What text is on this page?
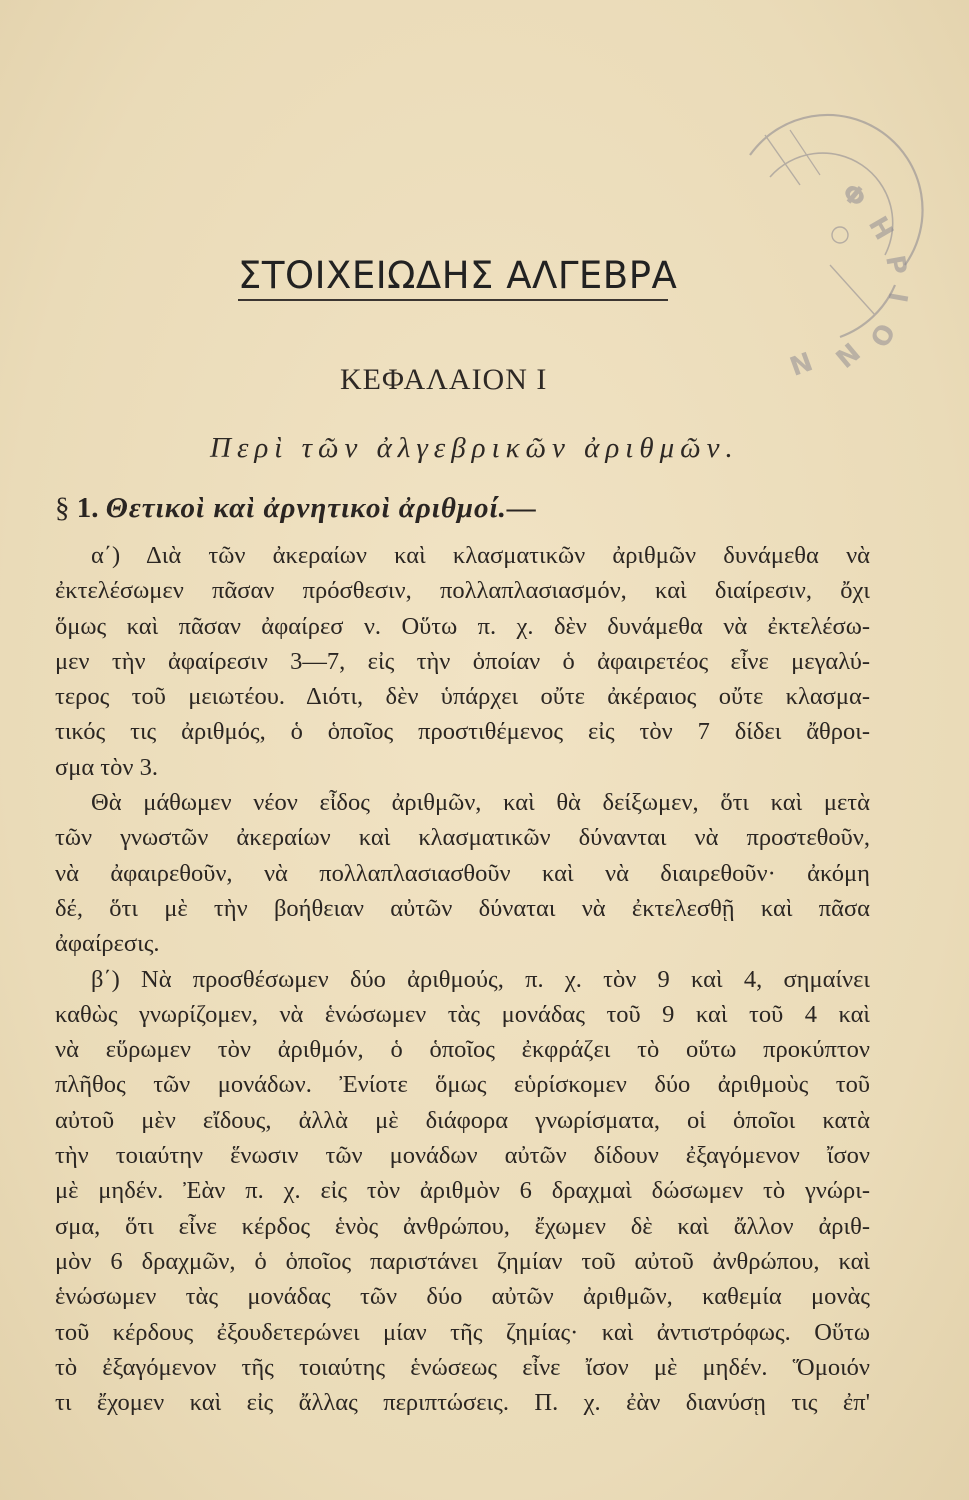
Φ
Η
Ρ
Ι
Ο
Ν
Ν
ΣΤΟΙΧΕΙΩΔΗΣ ΑΛΓΕΒΡΑ
ΚΕΦΑΛΑΙΟΝ Ι
Περὶ τῶν ἀλγεβρικῶν ἀριθμῶν.
§ 1. Θετικοὶ καὶ ἀρνητικοὶ ἀριθμοί.—
α΄) Διὰ τῶν ἀκεραίων καὶ κλασματικῶν ἀριθμῶν δυνάμεθα νὰ
ἐκτελέσωμεν πᾶσαν πρόσθεσιν, πολλαπλασιασμόν, καὶ διαίρεσιν, ὄχι
ὅμως καὶ πᾶσαν ἀφαίρεσ ν. Οὕτω π. χ. δὲν δυνάμεθα νὰ ἐκτελέσω-
μεν τὴν ἀφαίρεσιν 3—7, εἰς τὴν ὁποίαν ὁ ἀφαιρετέος εἶνε μεγαλύ-
τερος τοῦ μειωτέου. Διότι, δὲν ὑπάρχει οὔτε ἀκέραιος οὔτε κλασμα-
τικός τις ἀριθμός, ὁ ὁποῖος προστιθέμενος εἰς τὸν 7 δίδει ἄθροι-
σμα τὸν 3.
Θὰ μάθωμεν νέον εἶδος ἀριθμῶν, καὶ θὰ δείξωμεν, ὅτι καὶ μετὰ
τῶν γνωστῶν ἀκεραίων καὶ κλασματικῶν δύνανται νὰ προστεθοῦν,
νὰ ἀφαιρεθοῦν, νὰ πολλαπλασιασθοῦν καὶ νὰ διαιρεθοῦν· ἀκόμη
δέ, ὅτι μὲ τὴν βοήθειαν αὐτῶν δύναται νὰ ἐκτελεσθῇ καὶ πᾶσα
ἀφαίρεσις.
β΄) Νὰ προσθέσωμεν δύο ἀριθμούς, π. χ. τὸν 9 καὶ 4, σημαίνει
καθὼς γνωρίζομεν, νὰ ἑνώσωμεν τὰς μονάδας τοῦ 9 καὶ τοῦ 4 καὶ
νὰ εὕρωμεν τὸν ἀριθμόν, ὁ ὁποῖος ἐκφράζει τὸ οὕτω προκύπτον
πλῆθος τῶν μονάδων. Ἐνίοτε ὅμως εὑρίσκομεν δύο ἀριθμοὺς τοῦ
αὐτοῦ μὲν εἴδους, ἀλλὰ μὲ διάφορα γνωρίσματα, οἱ ὁποῖοι κατὰ
τὴν τοιαύτην ἕνωσιν τῶν μονάδων αὐτῶν δίδουν ἐξαγόμενον ἴσον
μὲ μηδέν. Ἐὰν π. χ. εἰς τὸν ἀριθμὸν 6 δραχμαὶ δώσωμεν τὸ γνώρι-
σμα, ὅτι εἶνε κέρδος ἑνὸς ἀνθρώπου, ἔχωμεν δὲ καὶ ἄλλον ἀριθ-
μὸν 6 δραχμῶν, ὁ ὁποῖος παριστάνει ζημίαν τοῦ αὐτοῦ ἀνθρώπου, καὶ
ἑνώσωμεν τὰς μονάδας τῶν δύο αὐτῶν ἀριθμῶν, καθεμία μονὰς
τοῦ κέρδους ἐξουδετερώνει μίαν τῆς ζημίας· καὶ ἀντιστρόφως. Οὕτω
τὸ ἐξαγόμενον τῆς τοιαύτης ἑνώσεως εἶνε ἴσον μὲ μηδέν. Ὅμοιόν
τι ἔχομεν καὶ εἰς ἄλλας περιπτώσεις. Π. χ. ἐὰν διανύσῃ τις ἐπ'
